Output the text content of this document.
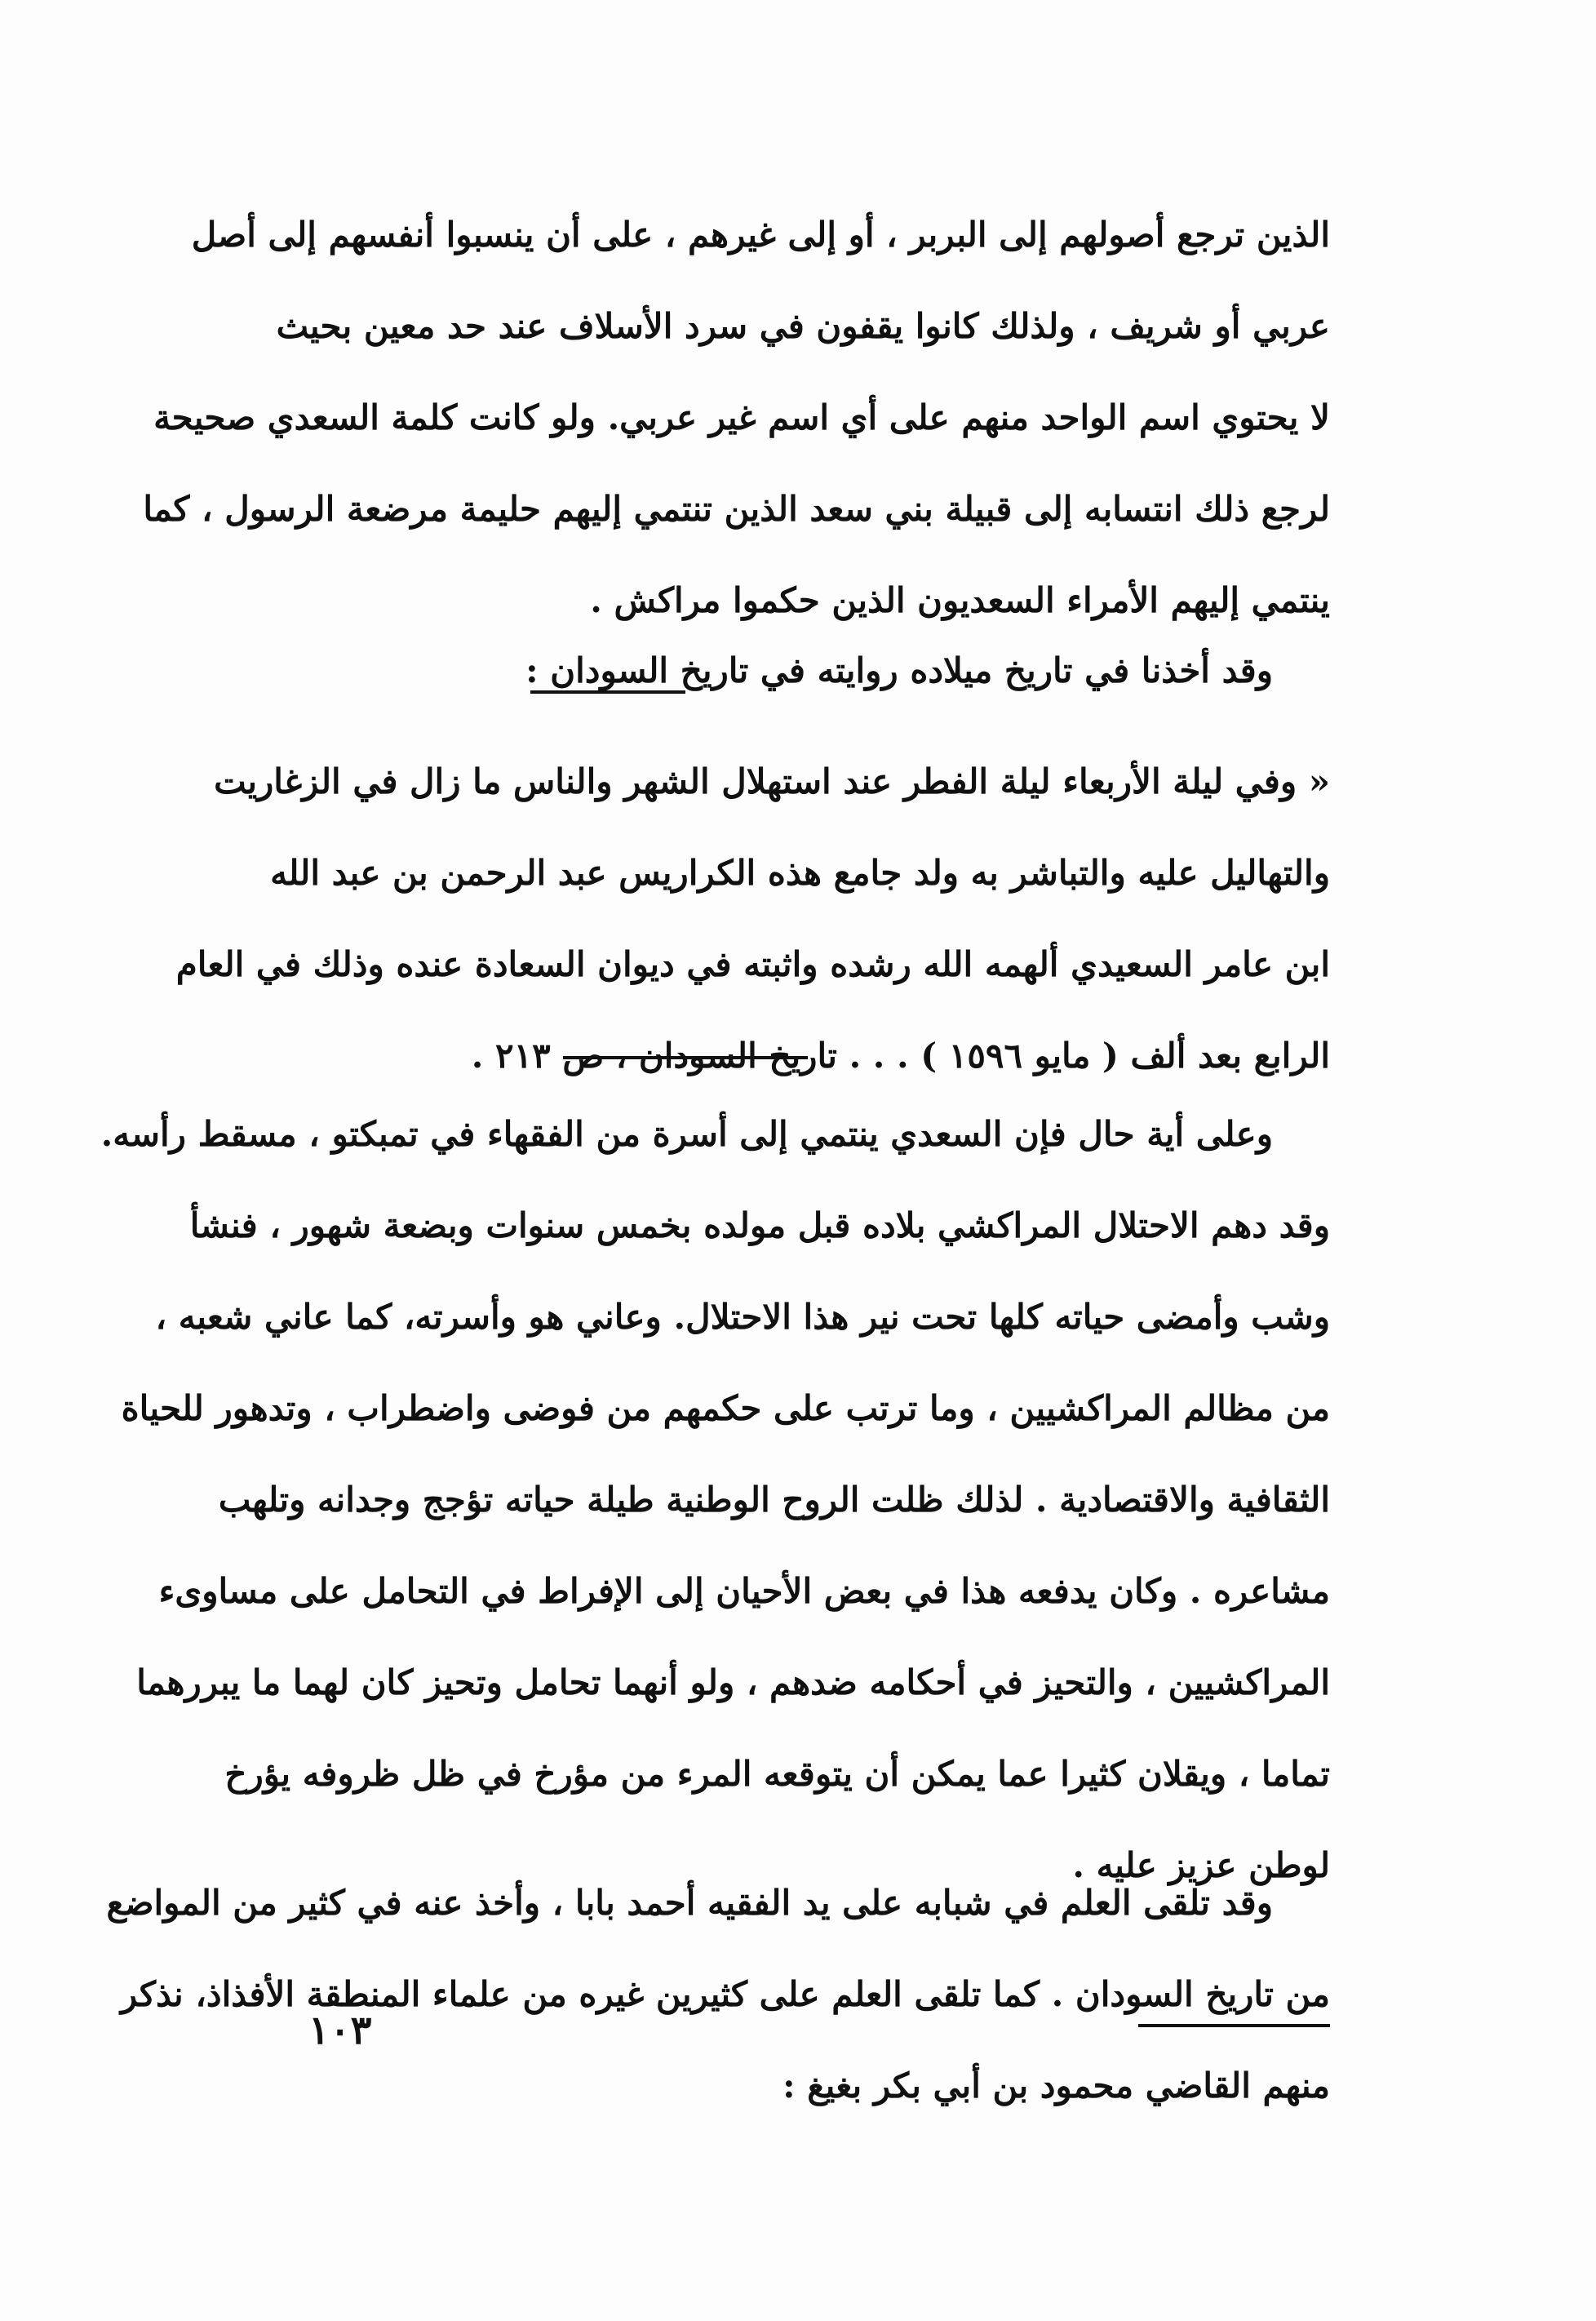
الذين ترجع أصولهم إلى البربر ، أو إلى غيرهم ، على أن ينسبوا أنفسهم إلى أصل
عربي أو شريف ، ولذلك كانوا يقفون في سرد الأسلاف عند حد معين بحيث
لا يحتوي اسم الواحد منهم على أي اسم غير عربي. ولو كانت كلمة السعدي صحيحة
لرجع ذلك انتسابه إلى قبيلة بني سعد الذين تنتمي إليهم حليمة مرضعة الرسول ، كما
ينتمي إليهم الأمراء السعديون الذين حكموا مراكش .
وقد أخذنا في تاريخ ميلاده روايته في تاريخ السودان :
« وفي ليلة الأربعاء ليلة الفطر عند استهلال الشهر والناس ما زال في الزغاريت
والتهاليل عليه والتباشر به ولد جامع هذه الكراريس عبد الرحمن بن عبد الله
ابن عامر السعيدي ألهمه الله رشده واثبته في ديوان السعادة عنده وذلك في العام
الرابع بعد ألف ( مايو ١٥٩٦ ) . . . تاريخ السودان ، ص ٢١٣ .
وعلى أية حال فإن السعدي ينتمي إلى أسرة من الفقهاء في تمبكتو ، مسقط رأسه.
وقد دهم الاحتلال المراكشي بلاده قبل مولده بخمس سنوات وبضعة شهور ، فنشأ
وشب وأمضى حياته كلها تحت نير هذا الاحتلال. وعاني هو وأسرته، كما عاني شعبه ،
من مظالم المراكشيين ، وما ترتب على حكمهم من فوضى واضطراب ، وتدهور للحياة
الثقافية والاقتصادية . لذلك ظلت الروح الوطنية طيلة حياته تؤجج وجدانه وتلهب
مشاعره . وكان يدفعه هذا في بعض الأحيان إلى الإفراط في التحامل على مساوىء
المراكشيين ، والتحيز في أحكامه ضدهم ، ولو أنهما تحامل وتحيز كان لهما ما يبررهما
تماما ، ويقلان كثيرا عما يمكن أن يتوقعه المرء من مؤرخ في ظل ظروفه يؤرخ
لوطن عزيز عليه .
وقد تلقى العلم في شبابه على يد الفقيه أحمد بابا ، وأخذ عنه في كثير من المواضع
من تاريخ السودان . كما تلقى العلم على كثيرين غيره من علماء المنطقة الأفذاذ، نذكر
منهم القاضي محمود بن أبي بكر بغيغ :
١٠٣
